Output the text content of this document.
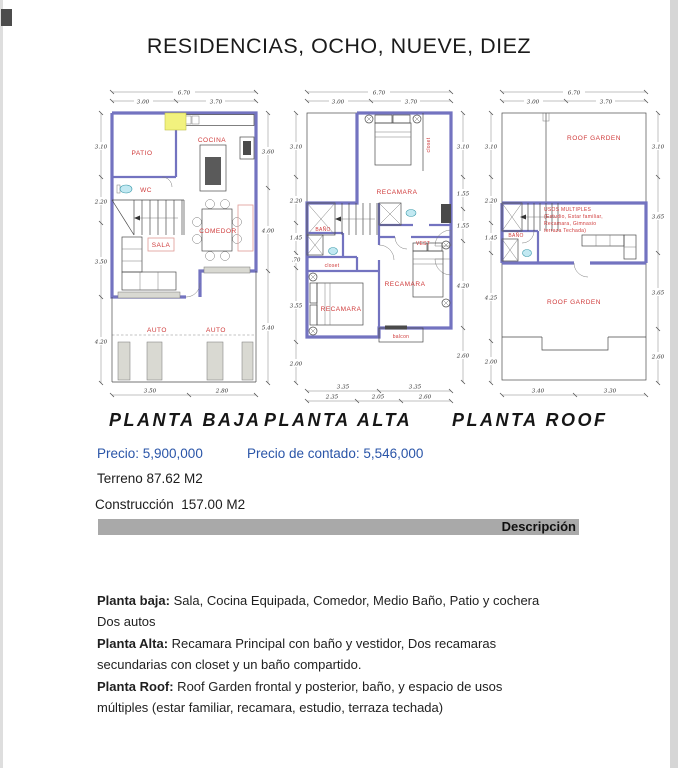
RESIDENCIAS, OCHO, NUEVE, DIEZ
6.70
3.00	3.70
3.10
2.20
3.50
4.20
3.60
4.00
5.40
3.50	2.80
PATIO
COCINA
WC
COMEDOR
SALA
AUTO	AUTO
6.70
3.00	3.70
3.10
2.20
1.45
.70
3.55
2.00
3.10
1.55
1.55
4.20
2.60
3.35	3.35
2.35	2.05	2.60
RECAMARA
closet
BAÑO
VEST
closet
RECAMARA
RECAMARA
balcon
6.70
3.00	3.70
3.10
2.20
1.45
4.25
2.00
3.10
3.65
3.65
2.60
3.40	3.30
ROOF GARDEN
USOS MULTIPLES
(Estudio, Estar familiar,
Recamara, Gimnasio
terraza Techada)
BAÑO
ROOF GARDEN
PLANTA BAJA PLANTA ALTA PLANTA ROOF
Precio: 5,900,000	Precio de contado: 5,546,000
Terreno 87.62 M2
Construcción  157.00 M2
Descripción
Planta baja: Sala, Cocina Equipada, Comedor, Medio Baño, Patio y cochera Dos autos
Planta Alta: Recamara Principal con baño y vestidor, Dos recamaras secundarias con closet y un baño compartido.
Planta Roof: Roof Garden frontal y posterior, baño, y espacio de usos múltiples (estar familiar, recamara, estudio, terraza techada)
